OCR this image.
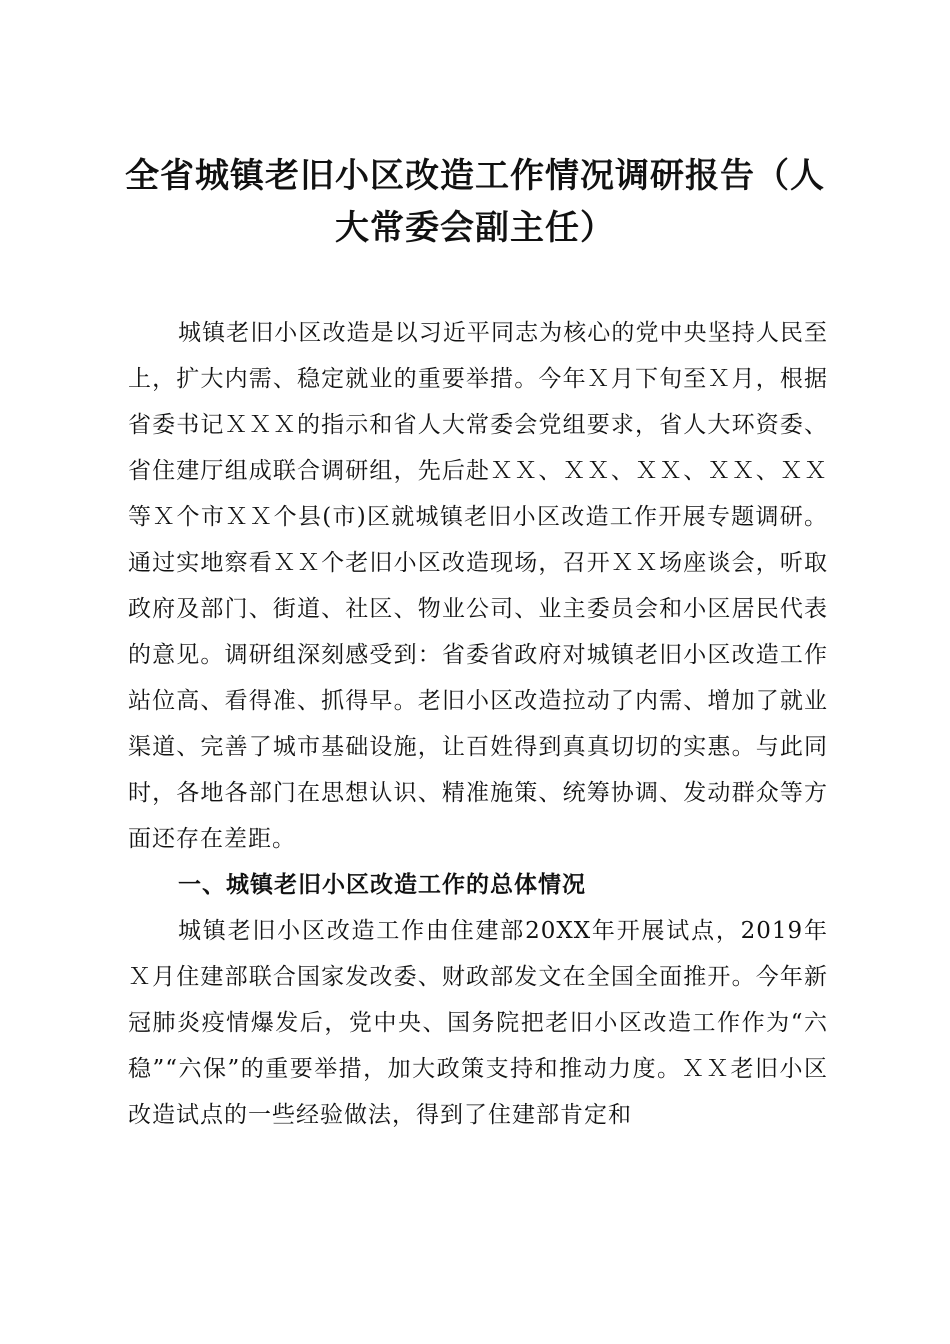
全省城镇老旧小区改造工作情况调研报告（人大常委会副主任）

城镇老旧小区改造是以习近平同志为核心的党中央坚持人民至上，扩大内需、稳定就业的重要举措。今年Ｘ月下旬至Ｘ月，根据省委书记ＸＸＸ的指示和省人大常委会党组要求，省人大环资委、省住建厅组成联合调研组，先后赴ＸＸ、ＸＸ、ＸＸ、ＸＸ、ＸＸ等Ｘ个市ＸＸ个县(市)区就城镇老旧小区改造工作开展专题调研。通过实地察看ＸＸ个老旧小区改造现场，召开ＸＸ场座谈会，听取政府及部门、街道、社区、物业公司、业主委员会和小区居民代表的意见。调研组深刻感受到：省委省政府对城镇老旧小区改造工作站位高、看得准、抓得早。老旧小区改造拉动了内需、增加了就业渠道、完善了城市基础设施，让百姓得到真真切切的实惠。与此同时，各地各部门在思想认识、精准施策、统筹协调、发动群众等方面还存在差距。

一、城镇老旧小区改造工作的总体情况

城镇老旧小区改造工作由住建部20XX年开展试点，2019年Ｘ月住建部联合国家发改委、财政部发文在全国全面推开。今年新冠肺炎疫情爆发后，党中央、国务院把老旧小区改造工作作为“六稳”“六保”的重要举措，加大政策支持和推动力度。ＸＸ老旧小区改造试点的一些经验做法，得到了住建部肯定和
